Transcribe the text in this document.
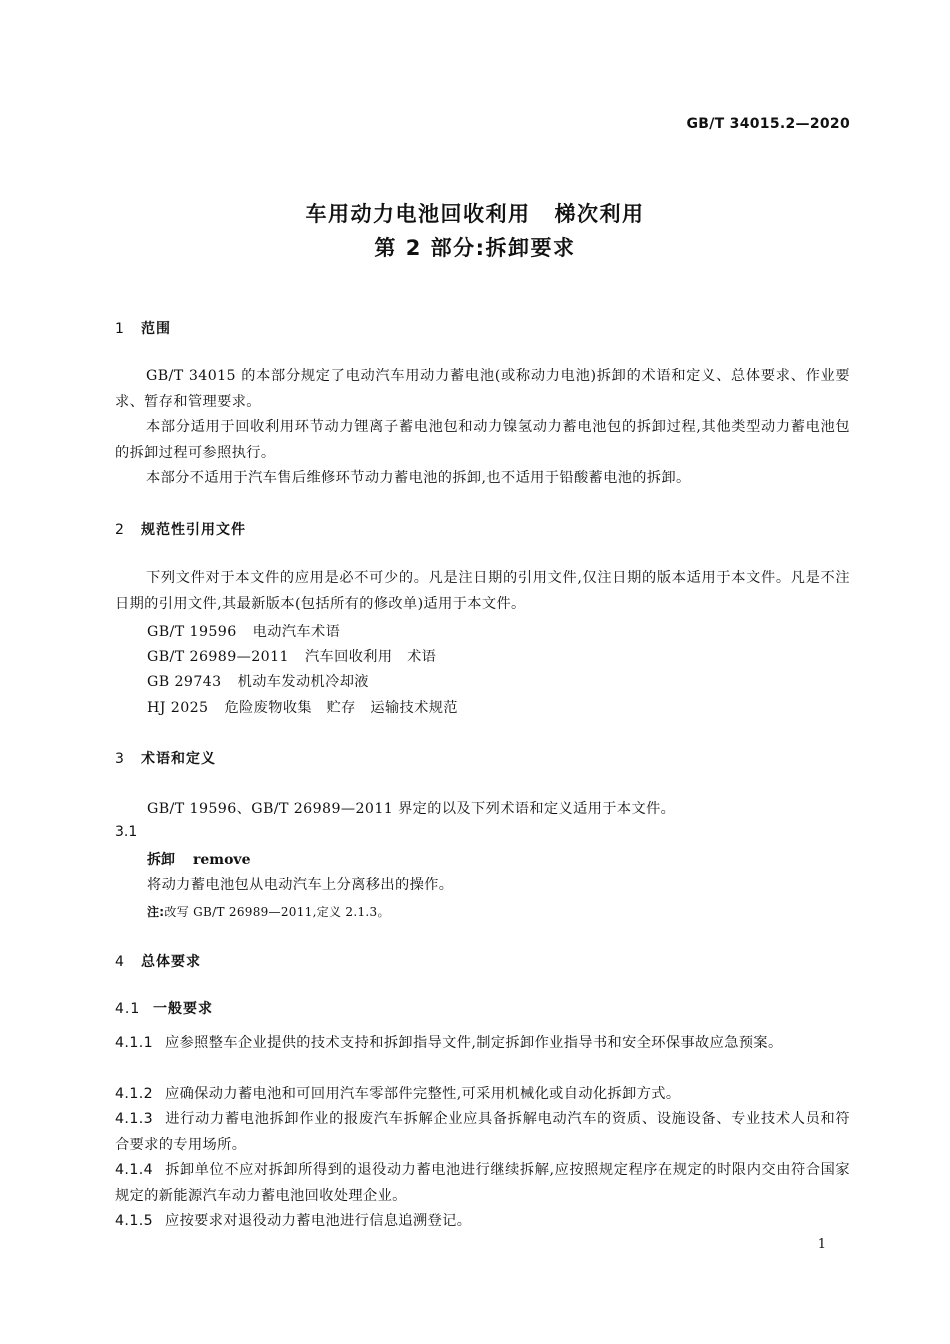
GB/T 34015.2—2020
车用动力电池回收利用 梯次利用
第 2 部分:拆卸要求
1 范围
GB/T 34015 的本部分规定了电动汽车用动力蓄电池(或称动力电池)拆卸的术语和定义、总体要求、作业要求、暂存和管理要求。
本部分适用于回收利用环节动力锂离子蓄电池包和动力镍氢动力蓄电池包的拆卸过程,其他类型动力蓄电池包的拆卸过程可参照执行。
本部分不适用于汽车售后维修环节动力蓄电池的拆卸,也不适用于铅酸蓄电池的拆卸。
2 规范性引用文件
下列文件对于本文件的应用是必不可少的。凡是注日期的引用文件,仅注日期的版本适用于本文件。凡是不注日期的引用文件,其最新版本(包括所有的修改单)适用于本文件。
GB/T 19596 电动汽车术语
GB/T 26989—2011 汽车回收利用　术语
GB 29743 机动车发动机冷却液
HJ 2025 危险废物收集　贮存　运输技术规范
3 术语和定义
GB/T 19596、GB/T 26989—2011 界定的以及下列术语和定义适用于本文件。
3.1
拆卸 remove
将动力蓄电池包从电动汽车上分离移出的操作。
注:改写 GB/T 26989—2011,定义 2.1.3。
4 总体要求
4.1 一般要求
4.1.1 应参照整车企业提供的技术支持和拆卸指导文件,制定拆卸作业指导书和安全环保事故应急预案。
4.1.2 应确保动力蓄电池和可回用汽车零部件完整性,可采用机械化或自动化拆卸方式。
4.1.3 进行动力蓄电池拆卸作业的报废汽车拆解企业应具备拆解电动汽车的资质、设施设备、专业技术人员和符合要求的专用场所。
4.1.4 拆卸单位不应对拆卸所得到的退役动力蓄电池进行继续拆解,应按照规定程序在规定的时限内交由符合国家规定的新能源汽车动力蓄电池回收处理企业。
4.1.5 应按要求对退役动力蓄电池进行信息追溯登记。
1
